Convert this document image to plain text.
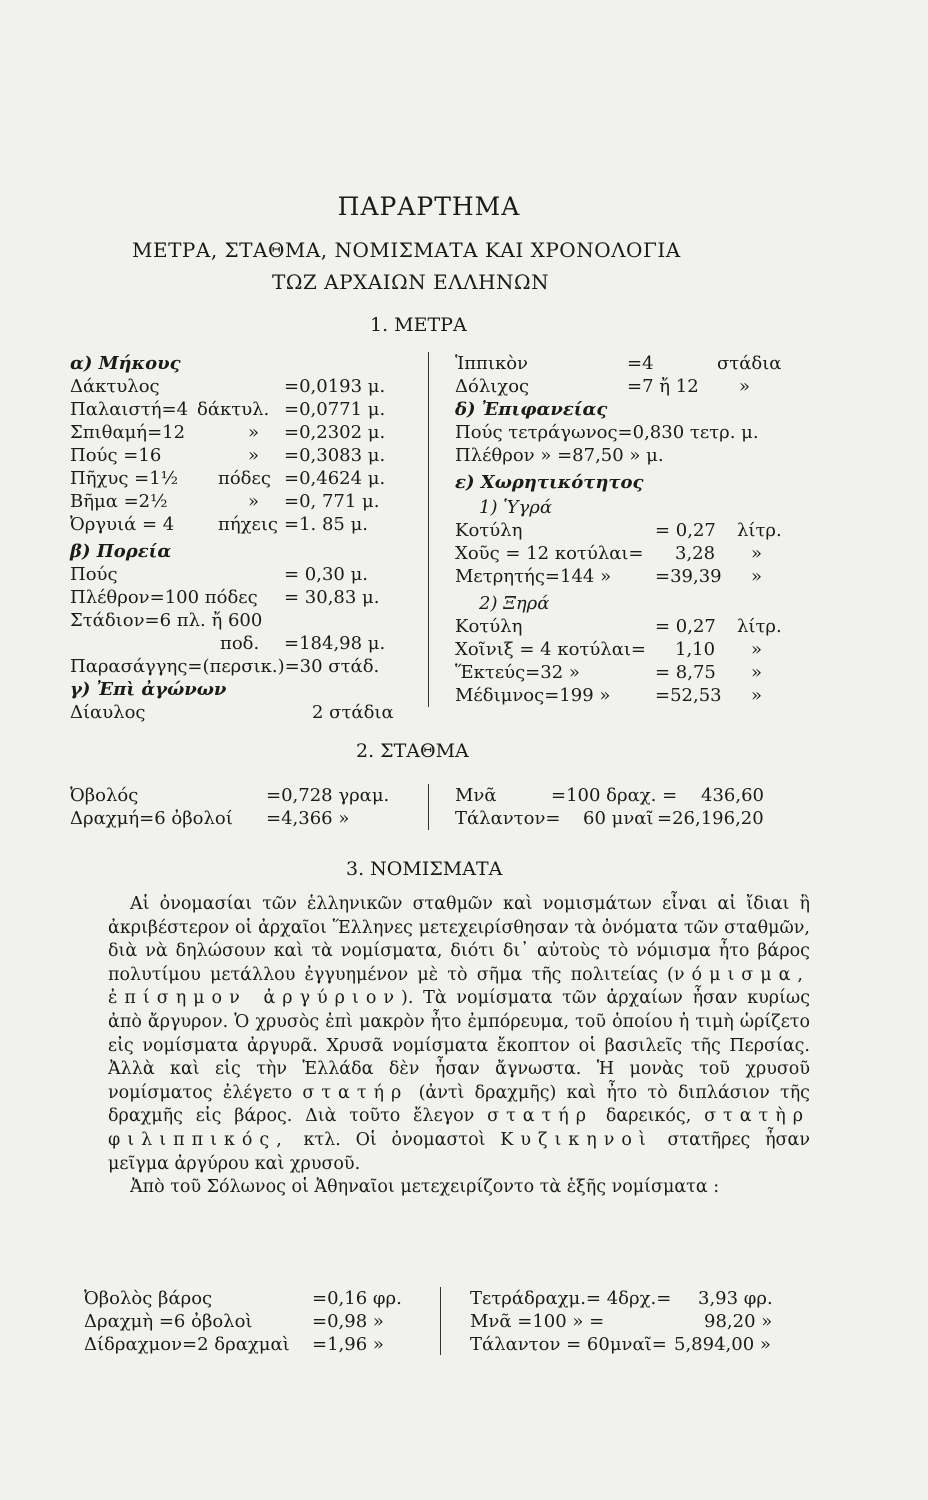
ΠΑΡΑΡΤΗΜΑ
ΜΕΤΡΑ, ΣΤΑΘΜΑ, ΝΟΜΙΣΜΑΤΑ ΚΑΙ ΧΡΟΝΟΛΟΓΙΑ
ΤΩΖ ΑΡΧΑΙΩΝ ΕΛΛΗΝΩΝ
1. ΜΕΤΡΑ
α) Μήκους
Δάκτυλος	=0,0193 μ.
Παλαιστή=4 δάκτυλ. =0,0771 μ.
Σπιθαμή=12	» =0,2302 μ.
Πούς =16	» =0,3083 μ.
Πῆχυς =1½ πόδες =0,4624 μ.
Βῆμα =2½	» =0, 771 μ.
Ὀργυιά = 4 πήχεις =1. 85 μ.
β) Πορεία
Πούς	= 0,30 μ.
Πλέθρον=100 πόδες = 30,83 μ.
Στάδιον=6 πλ. ἤ 600
ποδ. =184,98 μ.
Παρασάγγης=(περσικ.)=30 στάδ.
γ) Ἐπὶ ἀγώνων
Δίαυλος	2 στάδια
Ἱππικὸν	=4	στάδια
Δόλιχος	=7 ἤ 12 »
δ) Ἐπιφανείας
Πούς τετράγωνος=0,830 τετρ. μ.
Πλέθρον » =87,50 » μ.
ε) Χωρητικότητος
1) Ὑγρά
Κοτύλη	= 0,27 λίτρ.
Χοῦς = 12 κοτύλαι= 3,28 »
Μετρητής=144 » =39,39 »
2) Ξηρά
Κοτύλη	= 0,27 λίτρ.
Χοῖνιξ = 4 κοτύλαι= 1,10 »
Ἕκτεύς=32 »	= 8,75 »
Μέδιμνος=199 » =52,53 »
2. ΣΤΑΘΜΑ
Ὀβολός	=0,728 γραμ.
Δραχμή=6 ὀβολοί =4,366 »
Μνᾶ	=100 δραχ. = 436,60
Τάλαντον= 60 μναῖ =26,196,20
3. ΝΟΜΙΣΜΑΤΑ

Αἱ ὀνομασίαι τῶν ἑλληνικῶν σταθμῶν καὶ νομισμάτων εἶναι αἱ ἴδιαι ἢ ἀκριβέστερον οἱ ἀρχαῖοι Ἕλληνες μετεχειρίσθησαν τὰ ὀνόματα τῶν σταθμῶν, διὰ νὰ δηλώσουν καὶ τὰ νομίσματα, διότι δι᾽ αὐτοὺς τὸ νόμισμα ἦτο βάρος πολυτίμου μετάλλου ἐγγυημένον μὲ τὸ σῆμα τῆς πολιτείας (νόμισμα, ἐπίσημον ἀργύριον). Τὰ νομίσματα τῶν ἀρχαίων ἦσαν κυρίως ἀπὸ ἄργυρον. Ὁ χρυσὸς ἐπὶ μακρὸν ἦτο ἐμπόρευμα, τοῦ ὁποίου ἡ τιμὴ ὡρίζετο εἰς νομίσματα ἀργυρᾶ. Χρυσᾶ νομίσματα ἔκοπτον οἱ βασιλεῖς τῆς Περσίας. Ἀλλὰ καὶ εἰς τὴν Ἑλλάδα δὲν ἦσαν ἄγνωστα. Ἡ μονὰς τοῦ χρυσοῦ νομίσματος ἐλέγετο στατήρ (ἀντὶ δραχμῆς) καὶ ἦτο τὸ διπλάσιον τῆς δραχμῆς εἰς βάρος. Διὰ τοῦτο ἔλεγον στατήρ δαρεικός, στατὴρ φιλιππικός, κτλ. Οἱ ὀνομαστοὶ Κυζικηνοὶ στατῆρες ἦσαν μεῖγμα ἀργύρου καὶ χρυσοῦ.

Ἀπὸ τοῦ Σόλωνος οἱ Ἀθηναῖοι μετεχειρίζοντο τὰ ἑξῆς νομίσματα :

Ὀβολὸς βάρος	=0,16 φρ.
Δραχμὴ =6 ὀβολοὶ	=0,98 »
Δίδραχμον=2 δραχμαὶ =1,96 »
Τετράδραχμ.= 4δρχ.= 3,93 φρ.
Μνᾶ =100 » =	98,20 »
Τάλαντον = 60μναῖ= 5,894,00 »
